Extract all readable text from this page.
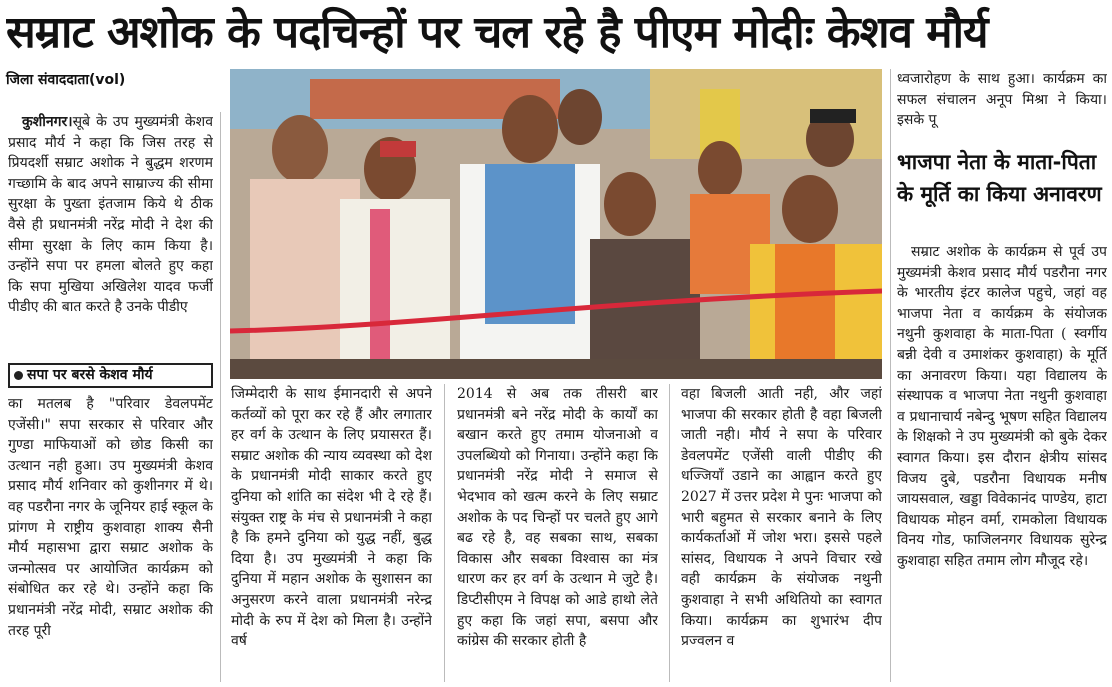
सम्राट अशोक के पदचिन्हों पर चल रहे है पीएम मोदीः केशव मौर्य
जिला संवाददाता(vol)

 कुशीनगर।सूबे के उप मुख्यमंत्री केशव प्रसाद मौर्य ने कहा कि जिस तरह से प्रियदर्शी सम्राट अशोक ने बुद्धम शरणम गच्छामि के बाद अपने साम्राज्य की सीमा सुरक्षा के पुख्ता इंतजाम किये थे ठीक वैसे ही प्रधानमंत्री नरेंद्र मोदी ने देश की सीमा सुरक्षा के लिए काम किया है। उन्होंने सपा पर हमला बोलते हुए कहा कि सपा मुखिया अखिलेश यादव फर्जी पीडीए की बात करते है उनके पीडीए

सपा पर बरसे केशव मौर्य

का मतलब है "परिवार डेवलपमेंट एजेंसी।" सपा सरकार से परिवार और गुण्डा माफियाओं को छोड किसी का उत्थान नही हुआ। उप मुख्यमंत्री केशव प्रसाद मौर्य शनिवार को कुशीनगर में थे। वह पडरौना नगर के जूनियर हाई स्कूल के प्रांगण मे राष्ट्रीय कुशवाहा शाक्य सैनी मौर्य महासभा द्वारा सम्राट अशोक के जन्मोत्सव पर आयोजित कार्यक्रम को संबोधित कर रहे थे। उन्होंने कहा कि प्रधानमंत्री नरेंद्र मोदी, सम्राट अशोक की तरह पूरी

जिम्मेदारी के साथ ईमानदारी से अपने कर्तव्यों को पूरा कर रहे हैं और लगातार हर वर्ग के उत्थान के लिए प्रयासरत हैं। सम्राट अशोक की न्याय व्यवस्था को देश के प्रधानमंत्री मोदी साकार करते हुए दुनिया को शांति का संदेश भी दे रहे हैं। संयुक्त राष्ट्र के मंच से प्रधानमंत्री ने कहा है कि हमने दुनिया को युद्ध नहीं, बुद्ध दिया है। उप मुख्यमंत्री ने कहा कि दुनिया में महान अशोक के सुशासन का अनुसरण करने वाला प्रधानमंत्री नरेन्द्र मोदी के रुप में देश को मिला है। उन्होंने वर्ष

2014 से अब तक तीसरी बार प्रधानमंत्री बने नरेंद्र मोदी के कार्यों का बखान करते हुए तमाम योजनाओ व उपलब्धियो को गिनाया। उन्होंने कहा कि प्रधानमंत्री नरेंद्र मोदी ने समाज से भेदभाव को खत्म करने के लिए सम्राट अशोक के पद चिन्हों पर चलते हुए आगे बढ रहे है, वह सबका साथ, सबका विकास और सबका विश्वास का मंत्र धारण कर हर वर्ग के उत्थान मे जुटे है। डिप्टीसीएम ने विपक्ष को आडे हाथो लेते हुए कहा कि जहां सपा, बसपा और कांग्रेस की सरकार होती है

वहा बिजली आती नही, और जहां भाजपा की सरकार होती है वहा बिजली जाती नही। मौर्य ने सपा के परिवार डेवलपमेंट एजेंसी वाली पीडीए की धज्जियाँ उडाने का आह्वान करते हुए 2027 में उत्तर प्रदेश मे पुनः भाजपा को भारी बहुमत से सरकार बनाने के लिए कार्यकर्ताओं में जोश भरा। इससे पहले सांसद, विधायक ने अपने विचार रखे वही कार्यक्रम के संयोजक नथुनी कुशवाहा ने सभी अथितियो का स्वागत किया। कार्यक्रम का शुभारंभ दीप प्रज्वलन व

ध्वजारोहण के साथ हुआ। कार्यक्रम का सफल संचालन अनूप मिश्रा ने किया। इसके पू

भाजपा नेता के माता-पिता के मूर्ति का किया अनावरण

 सम्राट अशोक के कार्यक्रम से पूर्व उप मुख्यमंत्री केशव प्रसाद मौर्य पडरौना नगर के भारतीय इंटर कालेज पहुचे, जहां वह भाजपा नेता व कार्यक्रम के संयोजक नथुनी कुशवाहा के माता-पिता ( स्वर्गीय बन्नी देवी व उमाशंकर कुशवाहा) के मूर्ति का अनावरण किया। यहा विद्यालय के संस्थापक व भाजपा नेता नथुनी कुशवाहा व प्रधानाचार्य नबेन्दु भूषण सहित विद्यालय के शिक्षको ने उप मुख्यमंत्री को बुके देकर स्वागत किया। इस दौरान क्षेत्रीय सांसद विजय दुबे, पडरौना विधायक मनीष जायसवाल, खड्डा विवेकानंद पाण्डेय, हाटा विधायक मोहन वर्मा, रामकोला विधायक विनय गोड, फाजिलनगर विधायक सुरेन्द्र कुशवाहा सहित तमाम लोग मौजूद रहे।
